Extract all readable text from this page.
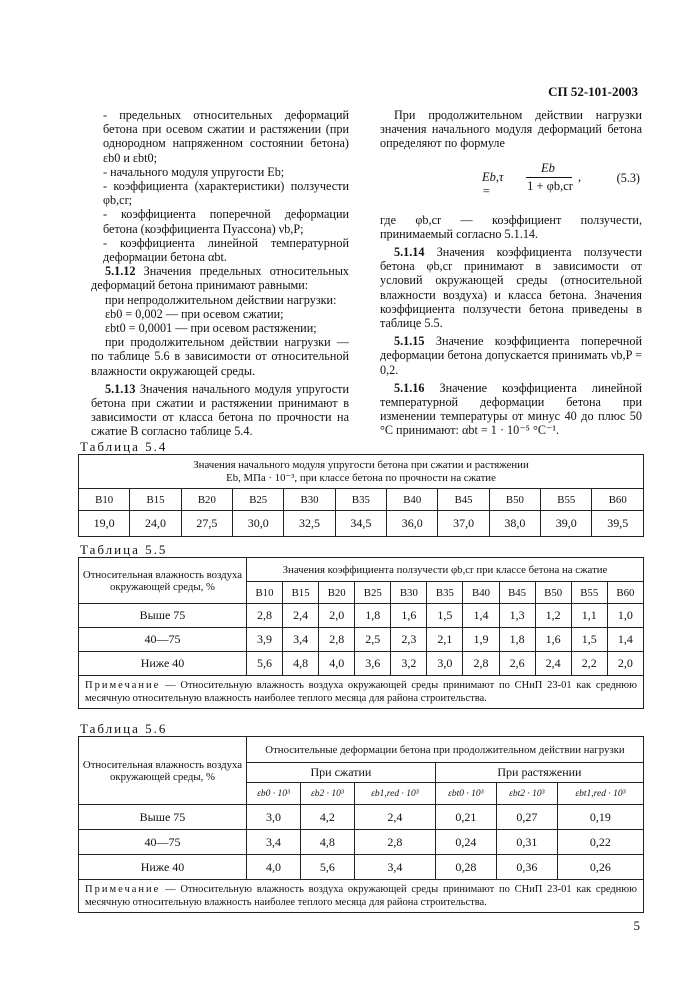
СП 52-101-2003

- предельных относительных деформаций бетона при осевом сжатии и растяжении (при однородном напряженном состоянии бетона) εb0 и εbt0;

- начального модуля упругости Eb;

- коэффициента (характеристики) ползучести φb,cr;

- коэффициента поперечной деформации бетона (коэффициента Пуассона) νb,P;

- коэффициента линейной температурной деформации бетона αbt.

5.1.12 Значения предельных относительных деформаций бетона принимают равными:

при непродолжительном действии нагрузки:

εb0 = 0,002 — при осевом сжатии;

εbt0 = 0,0001 — при осевом растяжении;

при продолжительном действии нагрузки — по таблице 5.6 в зависимости от относительной влажности окружающей среды.

5.1.13 Значения начального модуля упругости бетона при сжатии и растяжении принимают в зависимости от класса бетона по прочности на сжатие В согласно таблице 5.4.

При продолжительном действии нагрузки значения начального модуля деформаций бетона определяют по формуле

Eb,τ =
Eb
1 + φb,cr
,	(5.3)

где φb,cr — коэффициент ползучести, принимаемый согласно 5.1.14.

5.1.14 Значения коэффициента ползучести бетона φb,cr принимают в зависимости от условий окружающей среды (относительной влажности воздуха) и класса бетона. Значения коэффициента ползучести бетона приведены в таблице 5.5.

5.1.15 Значение коэффициента поперечной деформации бетона допускается принимать νb,P = 0,2.

5.1.16 Значение коэффициента линейной температурной деформации бетона при изменении температуры от минус 40 до плюс 50 °C принимают: αbt = 1 · 10⁻⁵ °C⁻¹.

Таблица 5.4
Значения начального модуля упругости бетона при сжатии и растяжении
Eb, МПа · 10⁻³, при классе бетона по прочности на сжатие										
B10	B15	B20	B25	B30	B35	B40	B45	B50	B55	B60
19,0	24,0	27,5	30,0	32,5	34,5	36,0	37,0	38,0	39,0	39,5
Таблица 5.5
Относительная влажность воздуха окружающей среды, %	Значения коэффициента ползучести φb,cr при классе бетона на сжатие										
	B10	B15	B20	B25	B30	B35	B40	B45	B50	B55	B60
Выше 75	2,8	2,4	2,0	1,8	1,6	1,5	1,4	1,3	1,2	1,1	1,0
40—75	3,9	3,4	2,8	2,5	2,3	2,1	1,9	1,8	1,6	1,5	1,4
Ниже 40	5,6	4,8	4,0	3,6	3,2	3,0	2,8	2,6	2,4	2,2	2,0
Примечание — Относительную влажность воздуха окружающей среды принимают по СНиП 23-01 как среднюю месячную относительную влажность наиболее теплого месяца для района строительства.											
Таблица 5.6
Относительная влажность воздуха окружающей среды, %	Относительные деформации бетона при продолжительном действии нагрузки					
	При сжатии			При растяжении		
	εb0 · 10³	εb2 · 10³	εb1,red · 10³	εbt0 · 10³	εbt2 · 10³	εbt1,red · 10³
Выше 75	3,0	4,2	2,4	0,21	0,27	0,19
40—75	3,4	4,8	2,8	0,24	0,31	0,22
Ниже 40	4,0	5,6	3,4	0,28	0,36	0,26
Примечание — Относительную влажность воздуха окружающей среды принимают по СНиП 23-01 как среднюю месячную относительную влажность наиболее теплого месяца для района строительства.						
5
